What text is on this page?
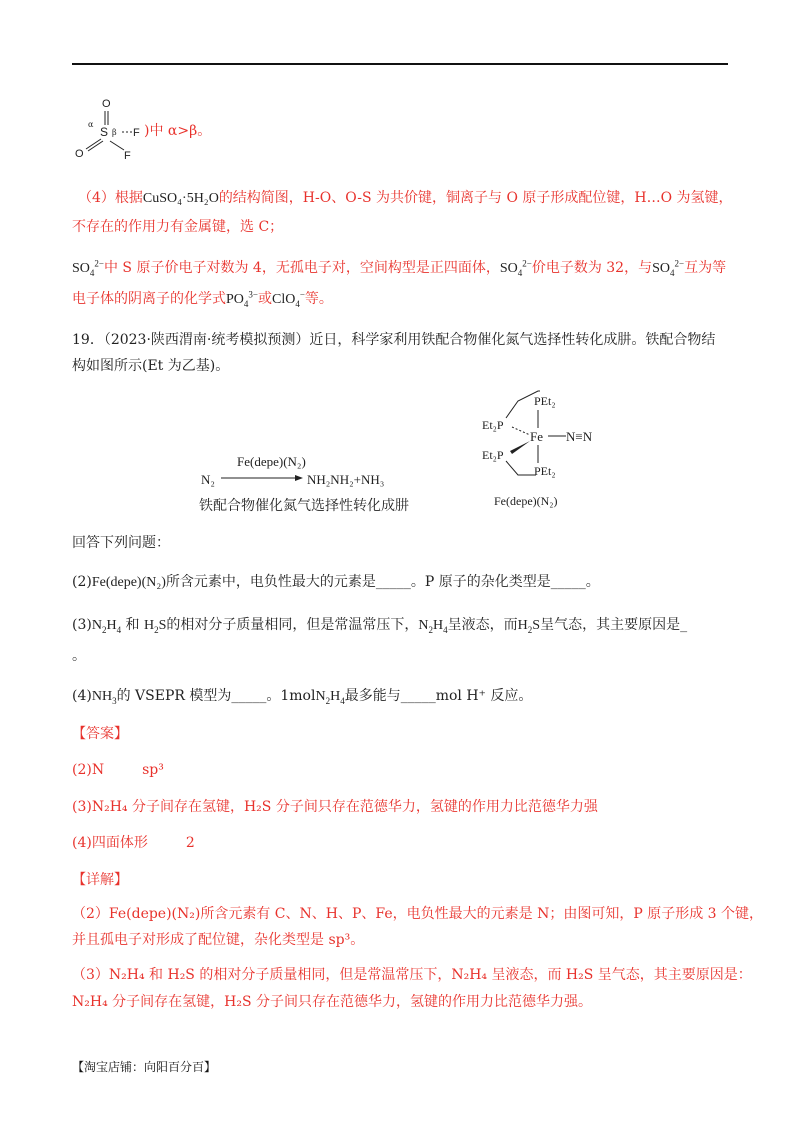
O
α
S β F )中 α>β。
O	F
（4）根据CuSO₄·5H₂O的结构简图，H-O、O-S 为共价键，铜离子与 O 原子形成配位键，H…O 为氢键，
不存在的作用力有金属键，选 C；
$SO_4^{2-}$中 S 原子价电子对数为 4，无孤电子对，空间构型是正四面体，$SO_4^{2-}$价电子数为 32，与$SO_4^{2-}$互为等
电子体的阴离子的化学式$PO_4^{3-}$或ClO$_4$−等。
19．（2023·陕西渭南·统考模拟预测）近日，科学家利用铁配合物催化氮气选择性转化成肼。铁配合物结
构如图所示(Et 为乙基)。
Fe(depe)(N₂)
N₂	NH₂NH₂+NH₃
铁配合物催化氮气选择性转化成肼
PEt₂
Et₂P
Fe N≡N
Et₂P
PEt₂
Fe(depe)(N₂)
回答下列问题：
(2)Fe(depe)(N₂)所含元素中，电负性最大的元素是_____。P 原子的杂化类型是_____。
$(3)N_2H_4$ 和 $H_2S$的相对分子质量相同，但是常温常压下，$N_2H_4$呈液态，而$H_2S$呈气态，其主要原因是_
。
$(4)NH_3$的 VSEPR 模型为_____。$1molN_2H_4$最多能与_____mol H⁺ 反应。
【答案】
(2)N	sp³
(3)N₂H₄ 分子间存在氢键，H₂S 分子间只存在范德华力，氢键的作用力比范德华力强
(4)四面体形	2
【详解】
（2）Fe(depe)(N₂)所含元素有 C、N、H、P、Fe，电负性最大的元素是 N；由图可知，P 原子形成 3 个键，
并且孤电子对形成了配位键，杂化类型是 sp³。
（3）N₂H₄ 和 H₂S 的相对分子质量相同，但是常温常压下，N₂H₄ 呈液态，而 H₂S 呈气态，其主要原因是：
N₂H₄ 分子间存在氢键，H₂S 分子间只存在范德华力，氢键的作用力比范德华力强。
【淘宝店铺：向阳百分百】
